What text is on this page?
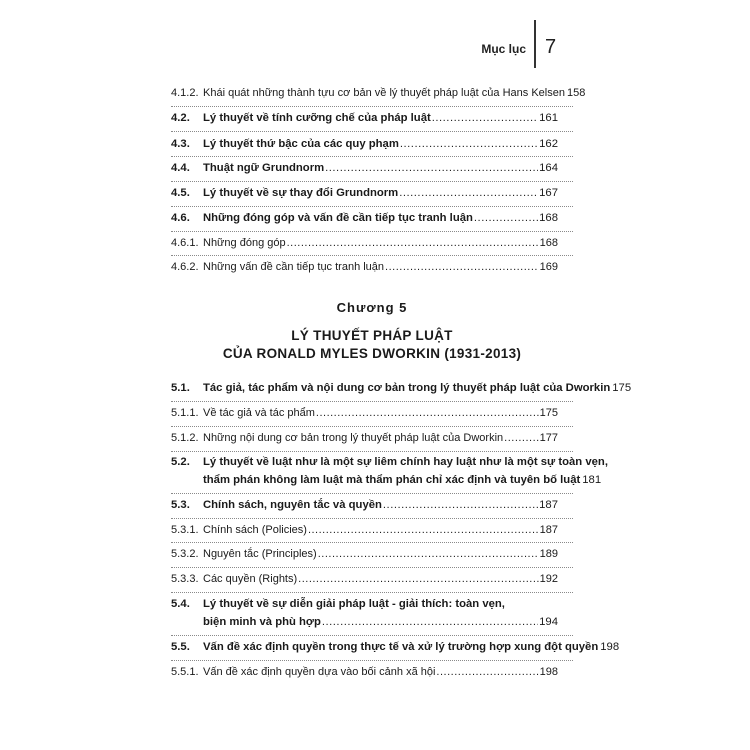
Mục lục 7
4.1.2. Khái quát những thành tựu cơ bản về lý thuyết pháp luật của Hans Kelsen 158
4.2. Lý thuyết về tính cưỡng chế của pháp luật .....	161
4.3. Lý thuyết thứ bậc của các quy phạm .....	162
4.4. Thuật ngữ Grundnorm .....	164
4.5. Lý thuyết về sự thay đổi Grundnorm .....	167
4.6. Những đóng góp và vấn đề cần tiếp tục tranh luận .....	168
4.6.1. Những đóng góp .....	168
4.6.2. Những vấn đề cần tiếp tục tranh luận .....	169
Chương 5
LÝ THUYẾT PHÁP LUẬT
CỦA RONALD MYLES DWORKIN (1931-2013)
5.1. Tác giả, tác phẩm và nội dung cơ bản trong lý thuyết pháp luật của Dworkin 175
5.1.1. Về tác giả và tác phẩm .....	175
5.1.2. Những nội dung cơ bản trong lý thuyết pháp luật của Dworkin .....	177
5.2. Lý thuyết về luật như là một sự liêm chính hay luật như là một sự toàn vẹn,
thẩm phán không làm luật mà thẩm phán chỉ xác định và tuyên bố luật 181
5.3. Chính sách, nguyên tắc và quyền .....	187
5.3.1. Chính sách (Policies) .....	187
5.3.2. Nguyên tắc (Principles) .....	189
5.3.3. Các quyền (Rights) .....	192
5.4. Lý thuyết về sự diễn giải pháp luật - giải thích: toàn vẹn,
biện minh và phù hợp .....	194
5.5. Vấn đề xác định quyền trong thực tế và xử lý trường hợp xung đột quyền 198
5.5.1. Vấn đề xác định quyền dựa vào bối cảnh xã hội .....	198
